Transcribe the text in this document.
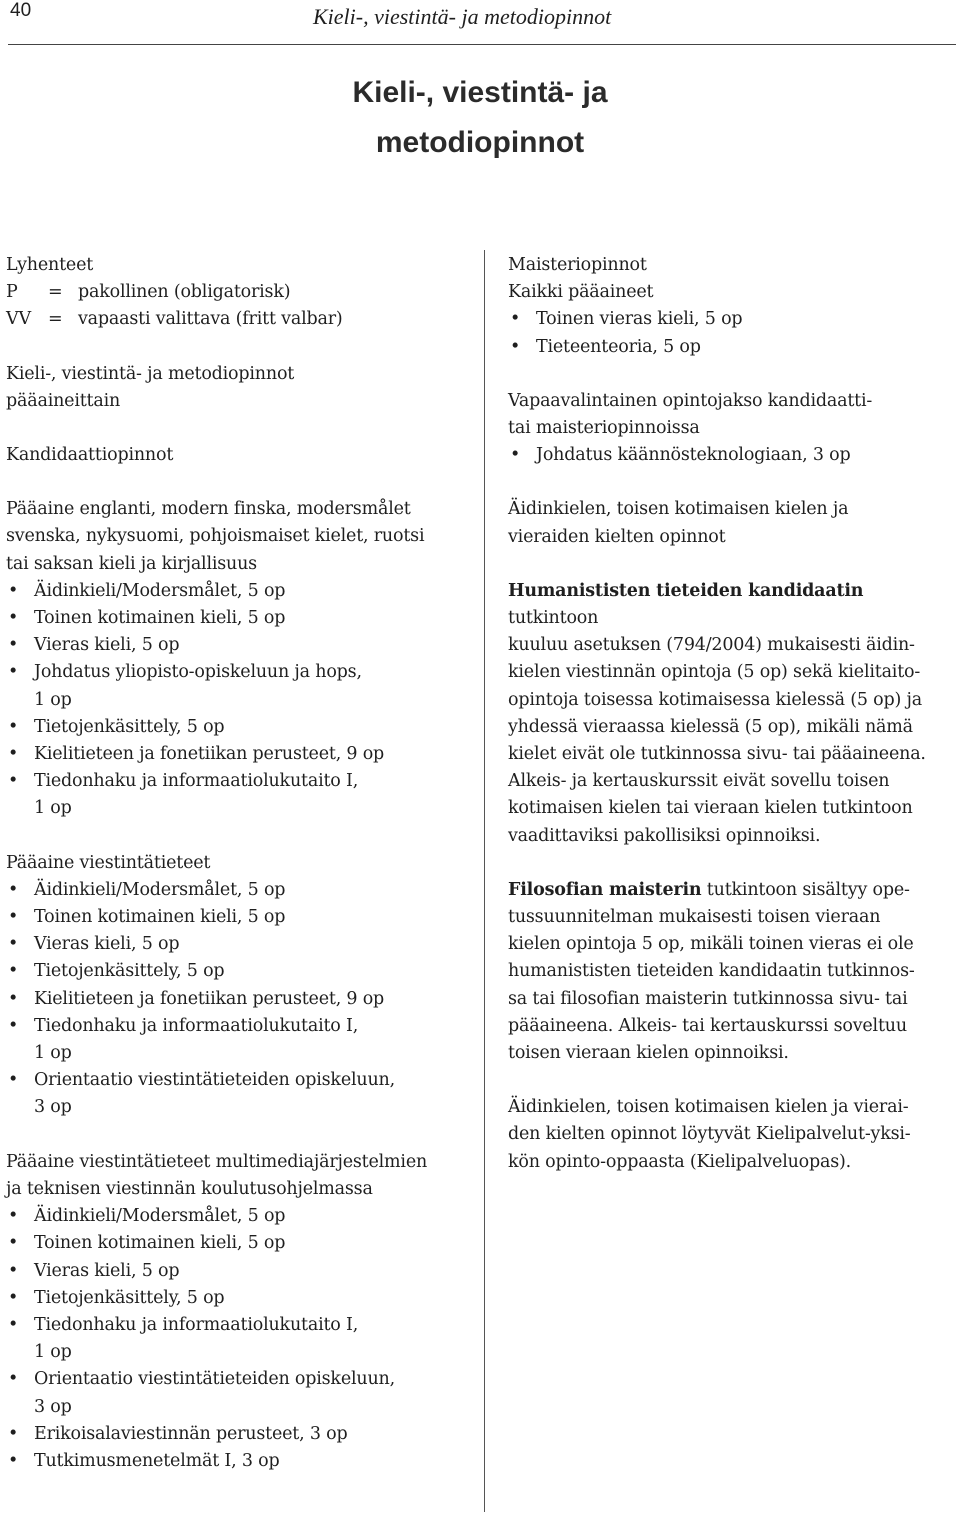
40	Kieli-, viestintä- ja metodiopinnot
Kieli-, viestintä- ja
metodiopinnot

Lyhenteet

P	= pakollinen (obligatorisk)
VV = vapaasti valittava (fritt valbar)

Kieli-, viestintä- ja metodiopinnot
pääaineittain

Kandidaattiopinnot

Pääaine englanti, modern finska, modersmålet
svenska, nykysuomi, pohjoismaiset kielet, ruotsi
tai saksan kieli ja kirjallisuus

• Äidinkieli/Modersmålet, 5 op
• Toinen kotimainen kieli, 5 op
• Vieras kieli, 5 op
• Johdatus yliopisto-opiskeluun ja hops,
1 op
• Tietojenkäsittely, 5 op
• Kielitieteen ja fonetiikan perusteet, 9 op
• Tiedonhaku ja informaatiolukutaito I,
1 op

Pääaine viestintätieteet

• Äidinkieli/Modersmålet, 5 op
• Toinen kotimainen kieli, 5 op
• Vieras kieli, 5 op
• Tietojenkäsittely, 5 op
• Kielitieteen ja fonetiikan perusteet, 9 op
• Tiedonhaku ja informaatiolukutaito I,
1 op
• Orientaatio viestintätieteiden opiskeluun,
3 op

Pääaine viestintätieteet multimediajärjestelmien
ja teknisen viestinnän koulutusohjelmassa

• Äidinkieli/Modersmålet, 5 op
• Toinen kotimainen kieli, 5 op
• Vieras kieli, 5 op
• Tietojenkäsittely, 5 op
• Tiedonhaku ja informaatiolukutaito I,
1 op
• Orientaatio viestintätieteiden opiskeluun,
3 op
• Erikoisalaviestinnän perusteet, 3 op
• Tutkimusmenetelmät I, 3 op

Maisteriopinnot

Kaikki pääaineet

• Toinen vieras kieli, 5 op
• Tieteenteoria, 5 op

Vapaavalintainen opintojakso kandidaatti-
tai maisteriopinnoissa

• Johdatus käännösteknologiaan, 3 op

Äidinkielen, toisen kotimaisen kielen ja
vieraiden kielten opinnot

Humanististen tieteiden kandidaatin tutkintoon
kuuluu asetuksen (794/2004) mukaisesti äidin-
kielen viestinnän opintoja (5 op) sekä kielitaito-
opintoja toisessa kotimaisessa kielessä (5 op) ja
yhdessä vieraassa kielessä (5 op), mikäli nämä
kielet eivät ole tutkinnossa sivu- tai pääaineena.
Alkeis- ja kertauskurssit eivät sovellu toisen
kotimaisen kielen tai vieraan kielen tutkintoon
vaadittaviksi pakollisiksi opinnoiksi.

Filosofian maisterin tutkintoon sisältyy ope-
tussuunnitelman mukaisesti toisen vieraan
kielen opintoja 5 op, mikäli toinen vieras ei ole
humanististen tieteiden kandidaatin tutkinnos-
sa tai filosofian maisterin tutkinnossa sivu- tai
pääaineena. Alkeis- tai kertauskurssi soveltuu
toisen vieraan kielen opinnoiksi.

Äidinkielen, toisen kotimaisen kielen ja vierai-
den kielten opinnot löytyvät Kielipalvelut-yksi-
kön opinto-oppaasta (Kielipalveluopas).
